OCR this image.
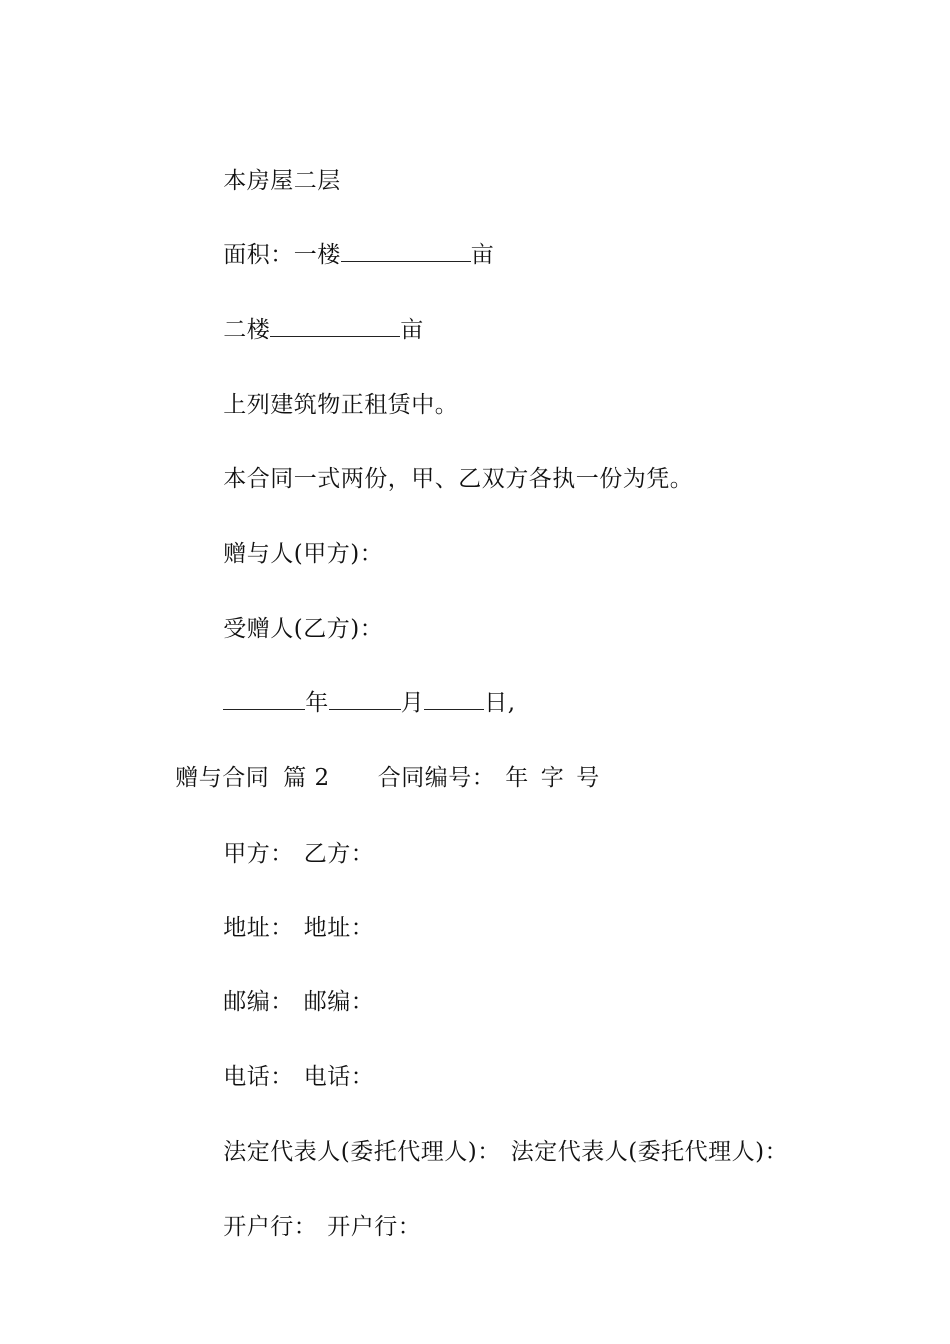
本房屋二层

面积：一楼	亩

二楼	亩

上列建筑物正租赁中。

本合同一式两份，甲、乙双方各执一份为凭。

赠与人(甲方)：

受赠人(乙方)：

年	月	日,

赠与合同 篇 2 合同编号： 年 字 号

甲方： 乙方：

地址： 地址：

邮编： 邮编：

电话： 电话：

法定代表人(委托代理人)： 法定代表人(委托代理人)：

开户行： 开户行：
